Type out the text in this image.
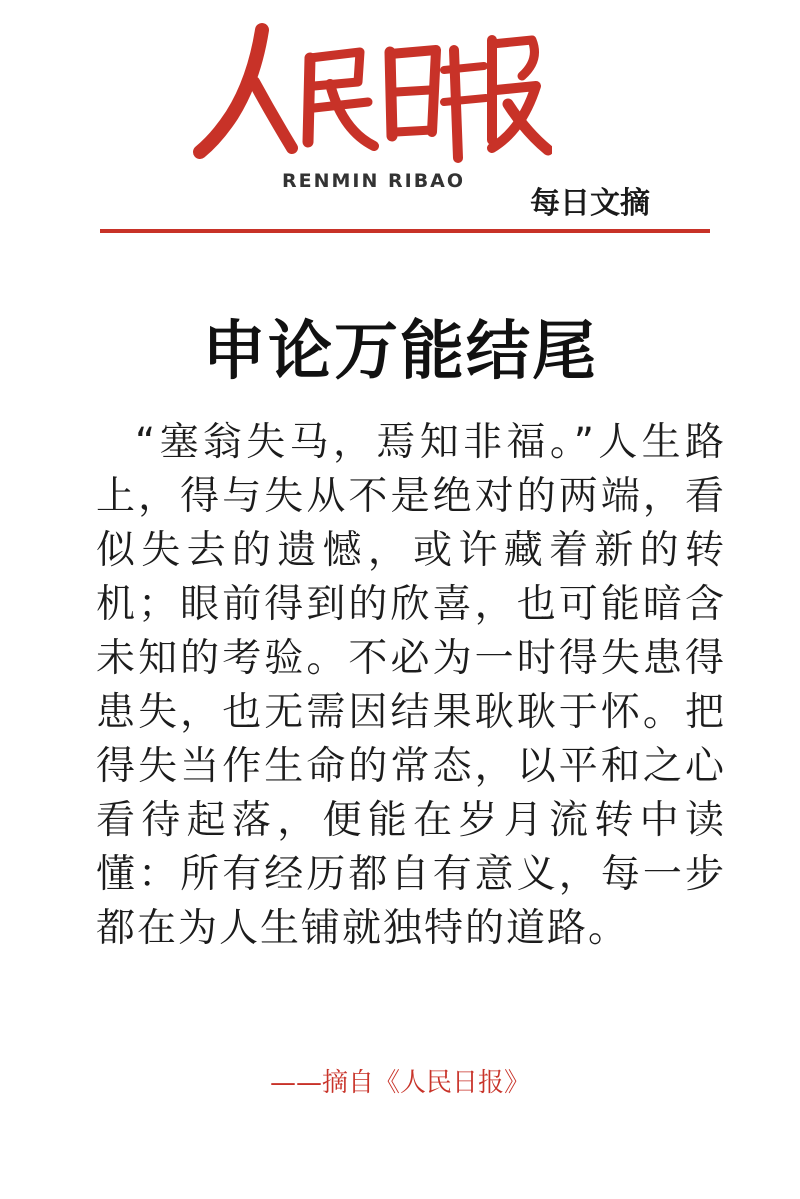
RENMIN RIBAO
每日文摘
申论万能结尾
“塞翁失马，焉知非福。”人生路上，得与失从不是绝对的两端，看似失去的遗憾，或许藏着新的转机；眼前得到的欣喜，也可能暗含未知的考验。不必为一时得失患得患失，也无需因结果耿耿于怀。把得失当作生命的常态，以平和之心看待起落，便能在岁月流转中读懂：所有经历都自有意义，每一步都在为人生铺就独特的道路。
——摘自《人民日报》
